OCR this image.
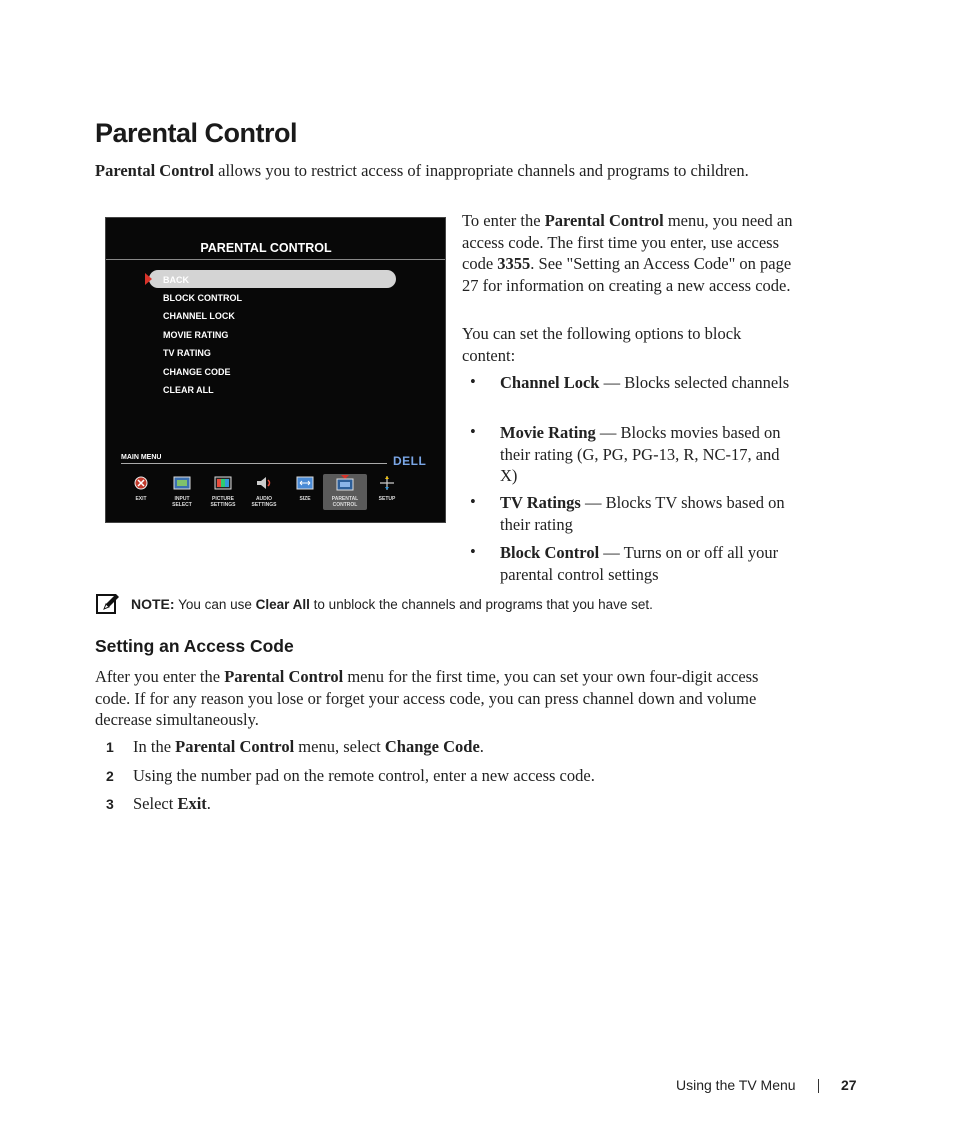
Parental Control

Parental Control allows you to restrict access of inappropriate channels and programs to children.

PARENTAL CONTROL
BACK
BLOCK CONTROL
CHANNEL LOCK
MOVIE RATING
TV RATING
CHANGE CODE
CLEAR ALL
MAIN MENU	DELL
EXIT	INPUT
SELECT
PICTURE
SETTINGS
AUDIO
SETTINGS
SIZE	PARENTAL
CONTROL
SETUP

To enter the Parental Control menu, you need an access code. The first time you enter, use access code 3355. See "Setting an Access Code" on page 27 for information on creating a new access code.

You can set the following options to block content:

• Channel Lock — Blocks selected channels

• Movie Rating — Blocks movies based on their rating (G, PG, PG-13, R, NC-17, and X)

• TV Ratings — Blocks TV shows based on their rating

• Block Control — Turns on or off all your parental control settings

NOTE: You can use Clear All to unblock the channels and programs that you have set.
Setting an Access Code

After you enter the Parental Control menu for the first time, you can set your own four-digit access code. If for any reason you lose or forget your access code, you can press channel down and volume decrease simultaneously.

1 In the Parental Control menu, select Change Code.

2 Using the number pad on the remote control, enter a new access code.

3 Select Exit.

Using the TV Menu	27
